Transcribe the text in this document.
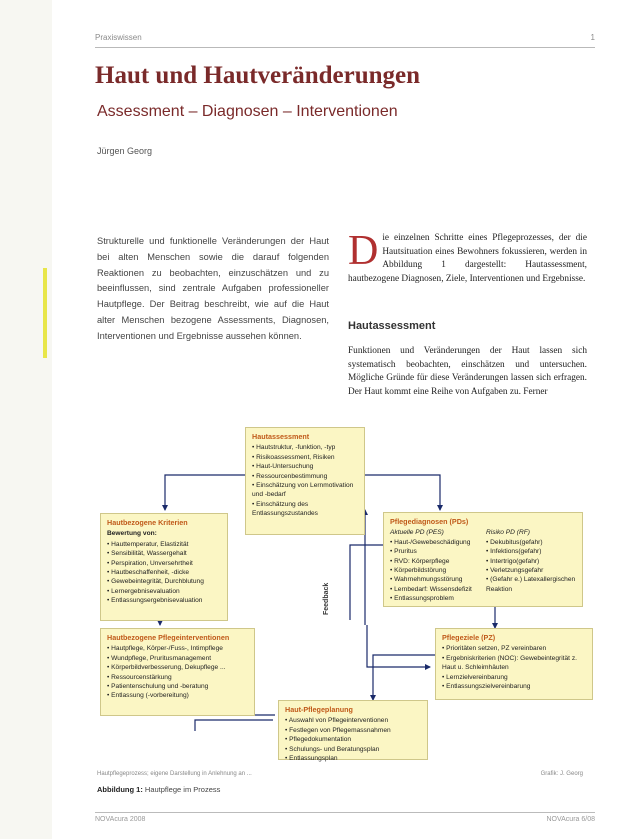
Praxiswissen	1
Haut und Hautveränderungen
Assessment – Diagnosen – Interventionen
Jürgen Georg
Strukturelle und funktionelle Veränderungen der Haut bei alten Menschen sowie die darauf folgenden Reaktionen zu beobachten, einzuschätzen und zu beeinflussen, sind zentrale Aufgaben professioneller Hautpflege. Der Beitrag beschreibt, wie auf die Haut alter Menschen bezogene Assessments, Diagnosen, Interventionen und Ergebnisse aussehen können.
Die einzelnen Schritte eines Pflegeprozesses, der die Hautsituation eines Bewohners fokussieren, werden in Abbildung 1 dargestellt: Hautassessment, hautbezogene Diagnosen, Ziele, Interventionen und Ergebnisse.
Hautassessment
Funktionen und Veränderungen der Haut lassen sich systematisch beobachten, einschätzen und untersuchen. Mögliche Gründe für diese Veränderungen lassen sich erfragen. Der Haut kommt eine Reihe von Aufgaben zu. Ferner
Hautassessment
• Hautstruktur, -funktion, -typ
• Risikoassessment, Risiken
• Haut-Untersuchung
• Ressourcenbestimmung
• Einschätzung von Lernmotivation und -bedarf
• Einschätzung des Entlassungszustandes
Hautbezogene Kriterien
Bewertung von:
• Hauttemperatur, Elastizität
• Sensibilität, Wassergehalt
• Perspiration, Unversehrtheit
• Hautbeschaffenheit, -dicke
• Gewebeintegrität, Durchblutung
• Lernergebnisevaluation
• Entlassungsergebnisevaluation
Pflegediagnosen (PDs)
Aktuelle PD (PES)
• Haut-/Gewebeschädigung
• Pruritus
• RVD: Körperpflege
• Körperbildstörung
• Wahrnehmungsstörung
• Lernbedarf: Wissensdefizit
• Entlassungsproblem
Risiko PD (RF)
• Dekubitus(gefahr)
• Infektions(gefahr)
• Intertrigo(gefahr)
• Verletzungsgefahr
• (Gefahr e.) Latexallergischen Reaktion
Hautbezogene Pflegeinterventionen
• Hautpflege, Körper-/Fuss-, Intimpflege
• Wundpflege, Pruritusmanagement
• Körperbildverbesserung, Dekupflege ...
• Ressourcenstärkung
• Patientenschulung und -beratung
• Entlassung (-vorbereitung)
Pflegeziele (PZ)
• Prioritäten setzen, PZ vereinbaren
• Ergebniskriterien (NOC): Gewebeintegrität z. Haut u. Schleimhäuten
• Lernzielvereinbarung
• Entlassungszielvereinbarung
Haut-Pflegeplanung
• Auswahl von Pflegeinterventionen
• Festlegen von Pflegemassnahmen
• Pflegedokumentation
• Schulungs- und Beratungsplan
• Entlassungsplan
Feedback
Hautpflegeprozess; eigene Darstellung in Anlehnung an ...	Grafik: J. Georg
Abbildung 1: Hautpflege im Prozess
NOVAcura 2008	NOVAcura 6/08
